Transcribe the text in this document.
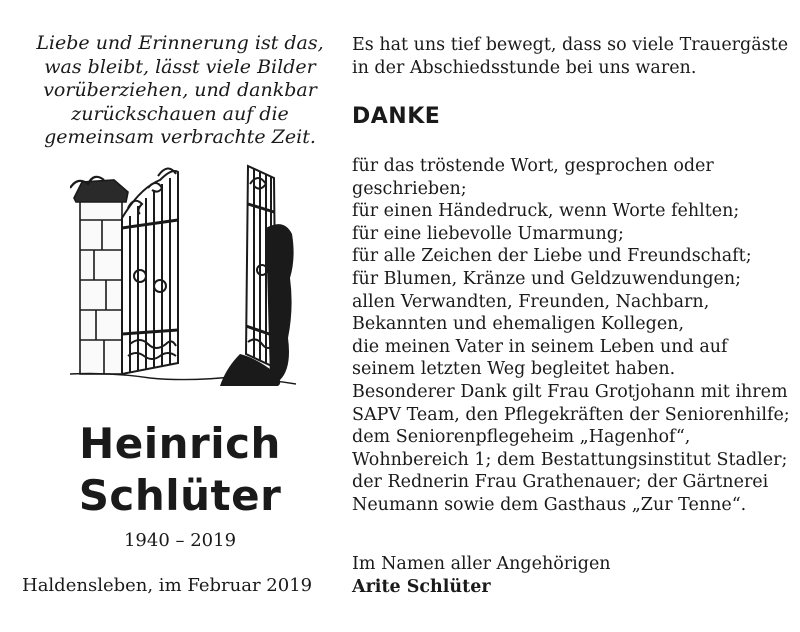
Liebe und Erinnerung ist das,
was bleibt, lässt viele Bilder
vorüberziehen, und dankbar
zurückschauen auf die
gemeinsam verbrachte Zeit.
Heinrich
Schlüter
1940 – 2019
Haldensleben, im Februar 2019
Es hat uns tief bewegt, dass so viele Trauergäste
in der Abschiedsstunde bei uns waren.
DANKE
für das tröstende Wort, gesprochen oder
geschrieben;
für einen Händedruck, wenn Worte fehlten;
für eine liebevolle Umarmung;
für alle Zeichen der Liebe und Freundschaft;
für Blumen, Kränze und Geldzuwendungen;
allen Verwandten, Freunden, Nachbarn,
Bekannten und ehemaligen Kollegen,
die meinen Vater in seinem Leben und auf
seinem letzten Weg begleitet haben.
Besonderer Dank gilt Frau Grotjohann mit ihrem
SAPV Team, den Pflegekräften der Seniorenhilfe;
dem Seniorenpflegeheim „Hagenhof“,
Wohnbereich 1; dem Bestattungsinstitut Stadler;
der Rednerin Frau Grathenauer; der Gärtnerei
Neumann sowie dem Gasthaus „Zur Tenne“.
Im Namen aller Angehörigen
Arite Schlüter
